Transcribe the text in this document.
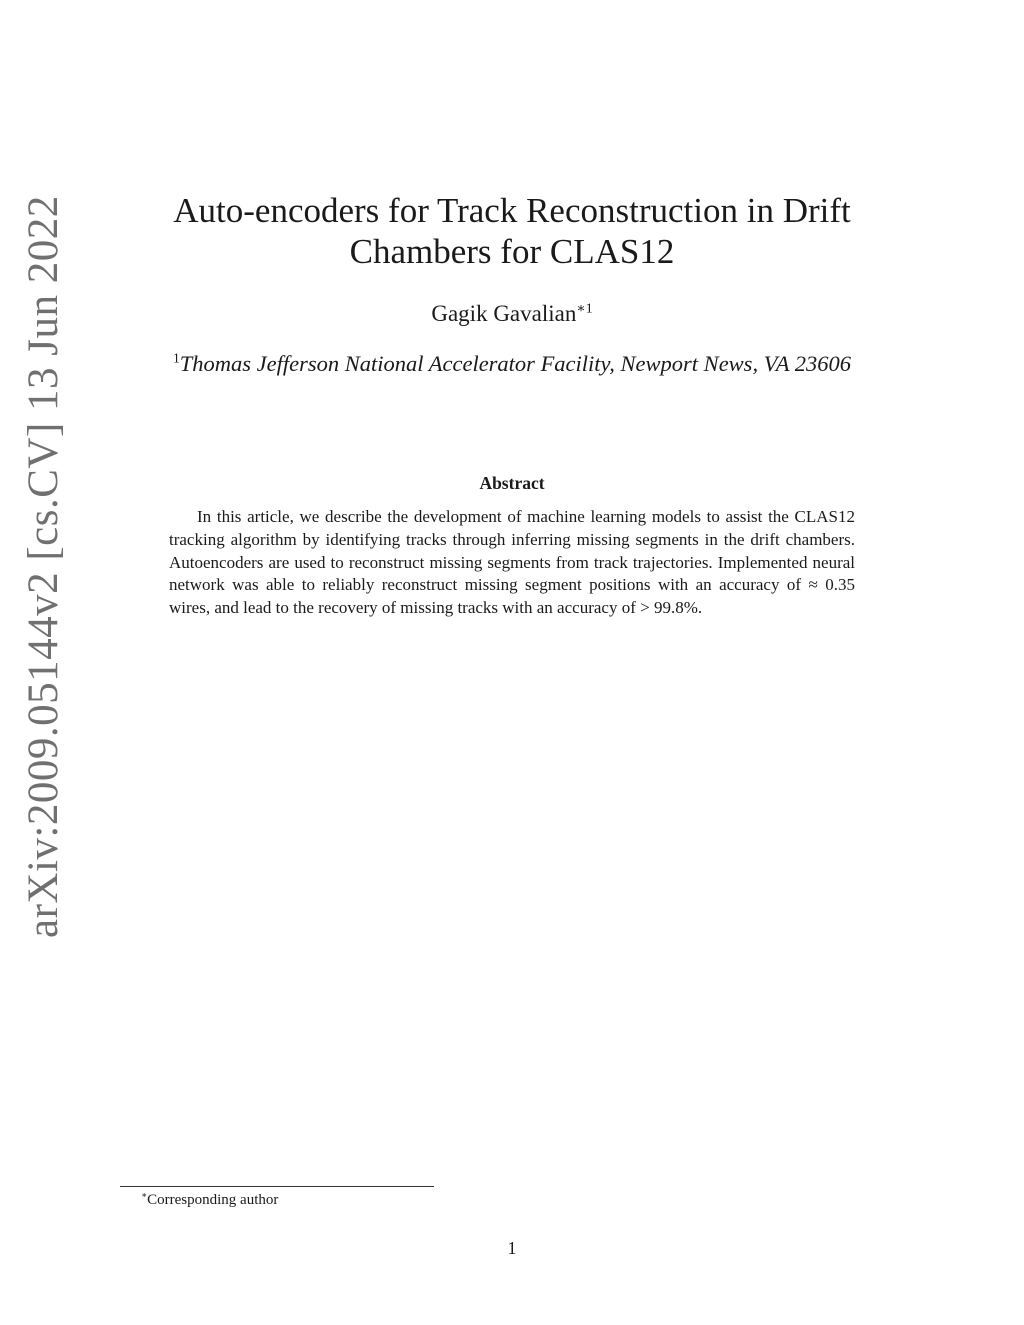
arXiv:2009.05144v2 [cs.CV] 13 Jun 2022	Auto-encoders for Track Reconstruction in Drift
Chambers for CLAS12
Gagik Gavalian$^{∗1}$
$^1$Thomas Jefferson National Accelerator Facility, Newport News, VA 23606
Abstract

In this article, we describe the development of machine learning models to assist the CLAS12 tracking algorithm by identifying tracks through inferring missing segments in the drift chambers. Autoencoders are used to reconstruct missing segments from track trajectories. Implemented neural network was able to reliably reconstruct missing segment positions with an accuracy of ≈ 0.35 wires, and lead to the recovery of missing tracks with an accuracy of > 99.8%.

∗Corresponding author
1
